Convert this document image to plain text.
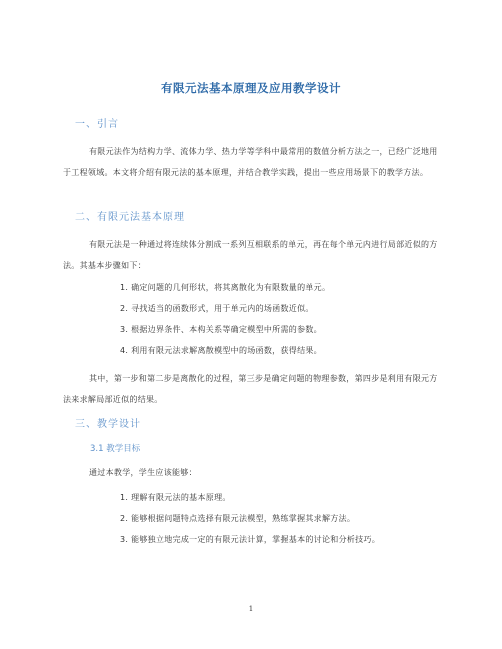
有限元法基本原理及应用教学设计
一、引言
有限元法作为结构力学、流体力学、热力学等学科中最常用的数值分析方法之一，已经广泛地用于工程领域。本文将介绍有限元法的基本原理，并结合教学实践，提出一些应用场景下的教学方法。
二、有限元法基本原理
有限元法是一种通过将连续体分割成一系列互相联系的单元，再在每个单元内进行局部近似的方法。其基本步骤如下：
1. 确定问题的几何形状，将其离散化为有限数量的单元。
2. 寻找适当的函数形式，用于单元内的场函数近似。
3. 根据边界条件、本构关系等确定模型中所需的参数。
4. 利用有限元法求解离散模型中的场函数，获得结果。
其中，第一步和第二步是离散化的过程，第三步是确定问题的物理参数，第四步是利用有限元方法来求解局部近似的结果。
三、教学设计
3.1 教学目标
通过本教学，学生应该能够：
1. 理解有限元法的基本原理。
2. 能够根据问题特点选择有限元法模型，熟练掌握其求解方法。
3. 能够独立地完成一定的有限元法计算，掌握基本的讨论和分析技巧。
1
